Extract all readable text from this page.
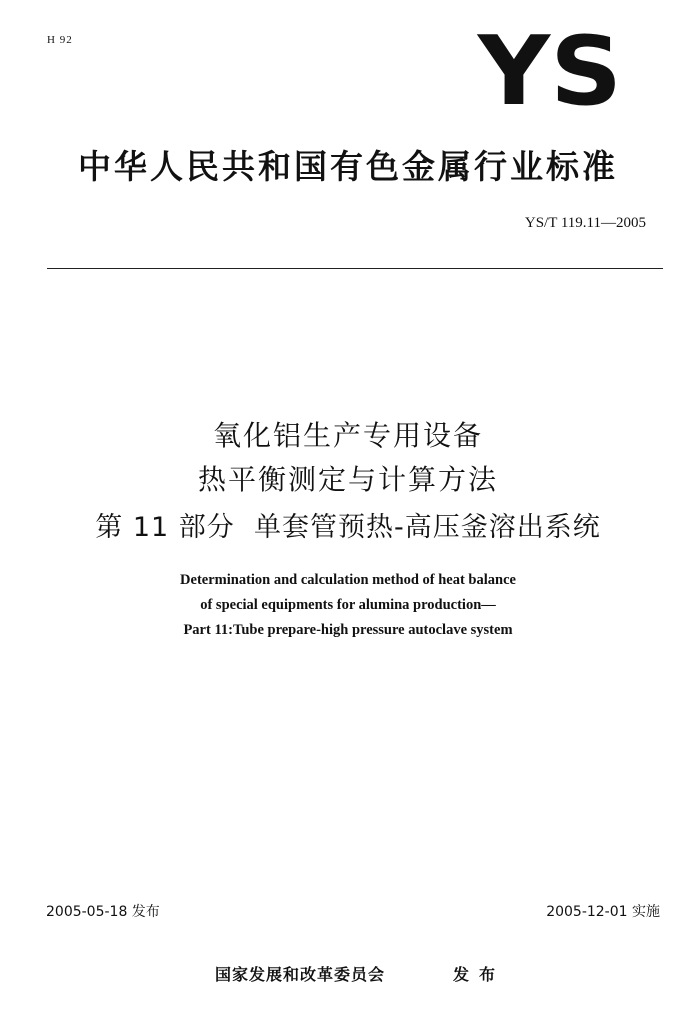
H 92	YS
中华人民共和国有色金属行业标准
YS/T 119.11—2005
氧化铝生产专用设备
热平衡测定与计算方法
第 11 部分  单套管预热-高压釜溶出系统
Determination and calculation method of heat balance
of special equipments for alumina production—
Part 11:Tube prepare-high pressure autoclave system
2005-05-18 发布	2005-12-01 实施
国家发展和改革委员会	发布
